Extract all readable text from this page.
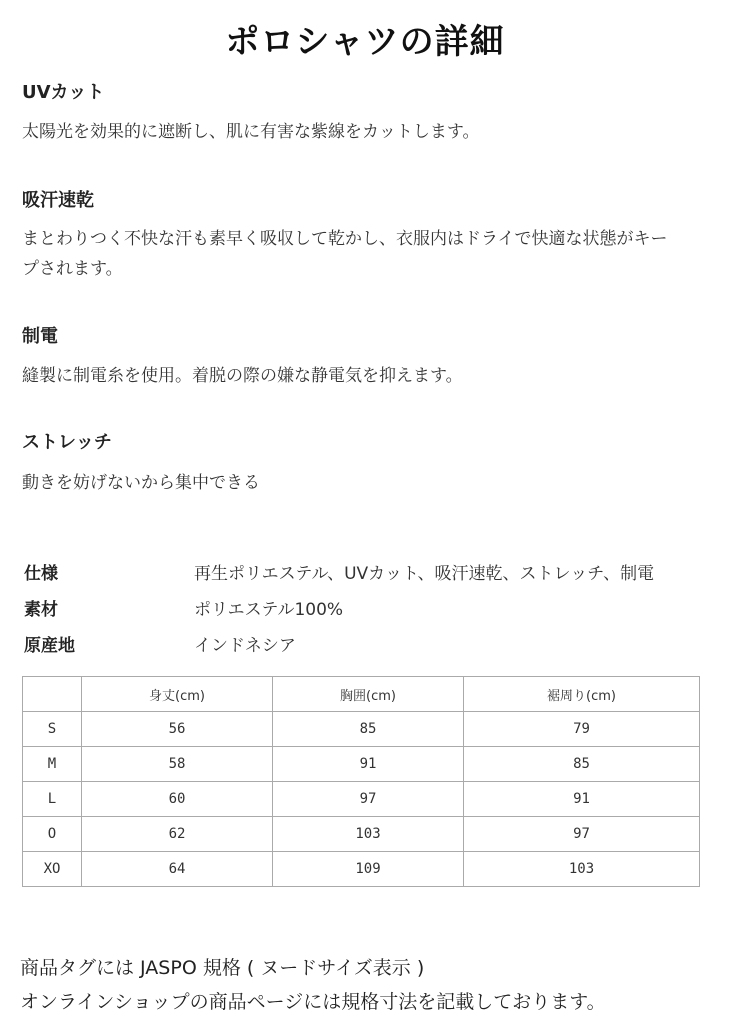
ポロシャツの詳細
UVカット
太陽光を効果的に遮断し、肌に有害な紫線をカットします。
吸汗速乾
まとわりつく不快な汗も素早く吸収して乾かし、衣服内はドライで快適な状態がキー
プされます。
制電
縫製に制電糸を使用。着脱の際の嫌な静電気を抑えます。
ストレッチ
動きを妨げないから集中できる
仕様	再生ポリエステル、UVカット、吸汗速乾、ストレッチ、制電
素材	ポリエステル100%
原産地	インドネシア
	身丈(cm)	胸囲(cm)	裾周り(cm)
S	56	85	79
M	58	91	85
L	60	97	91
O	62	103	97
XO	64	109	103
商品タグには JASPO 規格 ( ヌードサイズ表示 )
オンラインショップの商品ページには規格寸法を記載しております。
